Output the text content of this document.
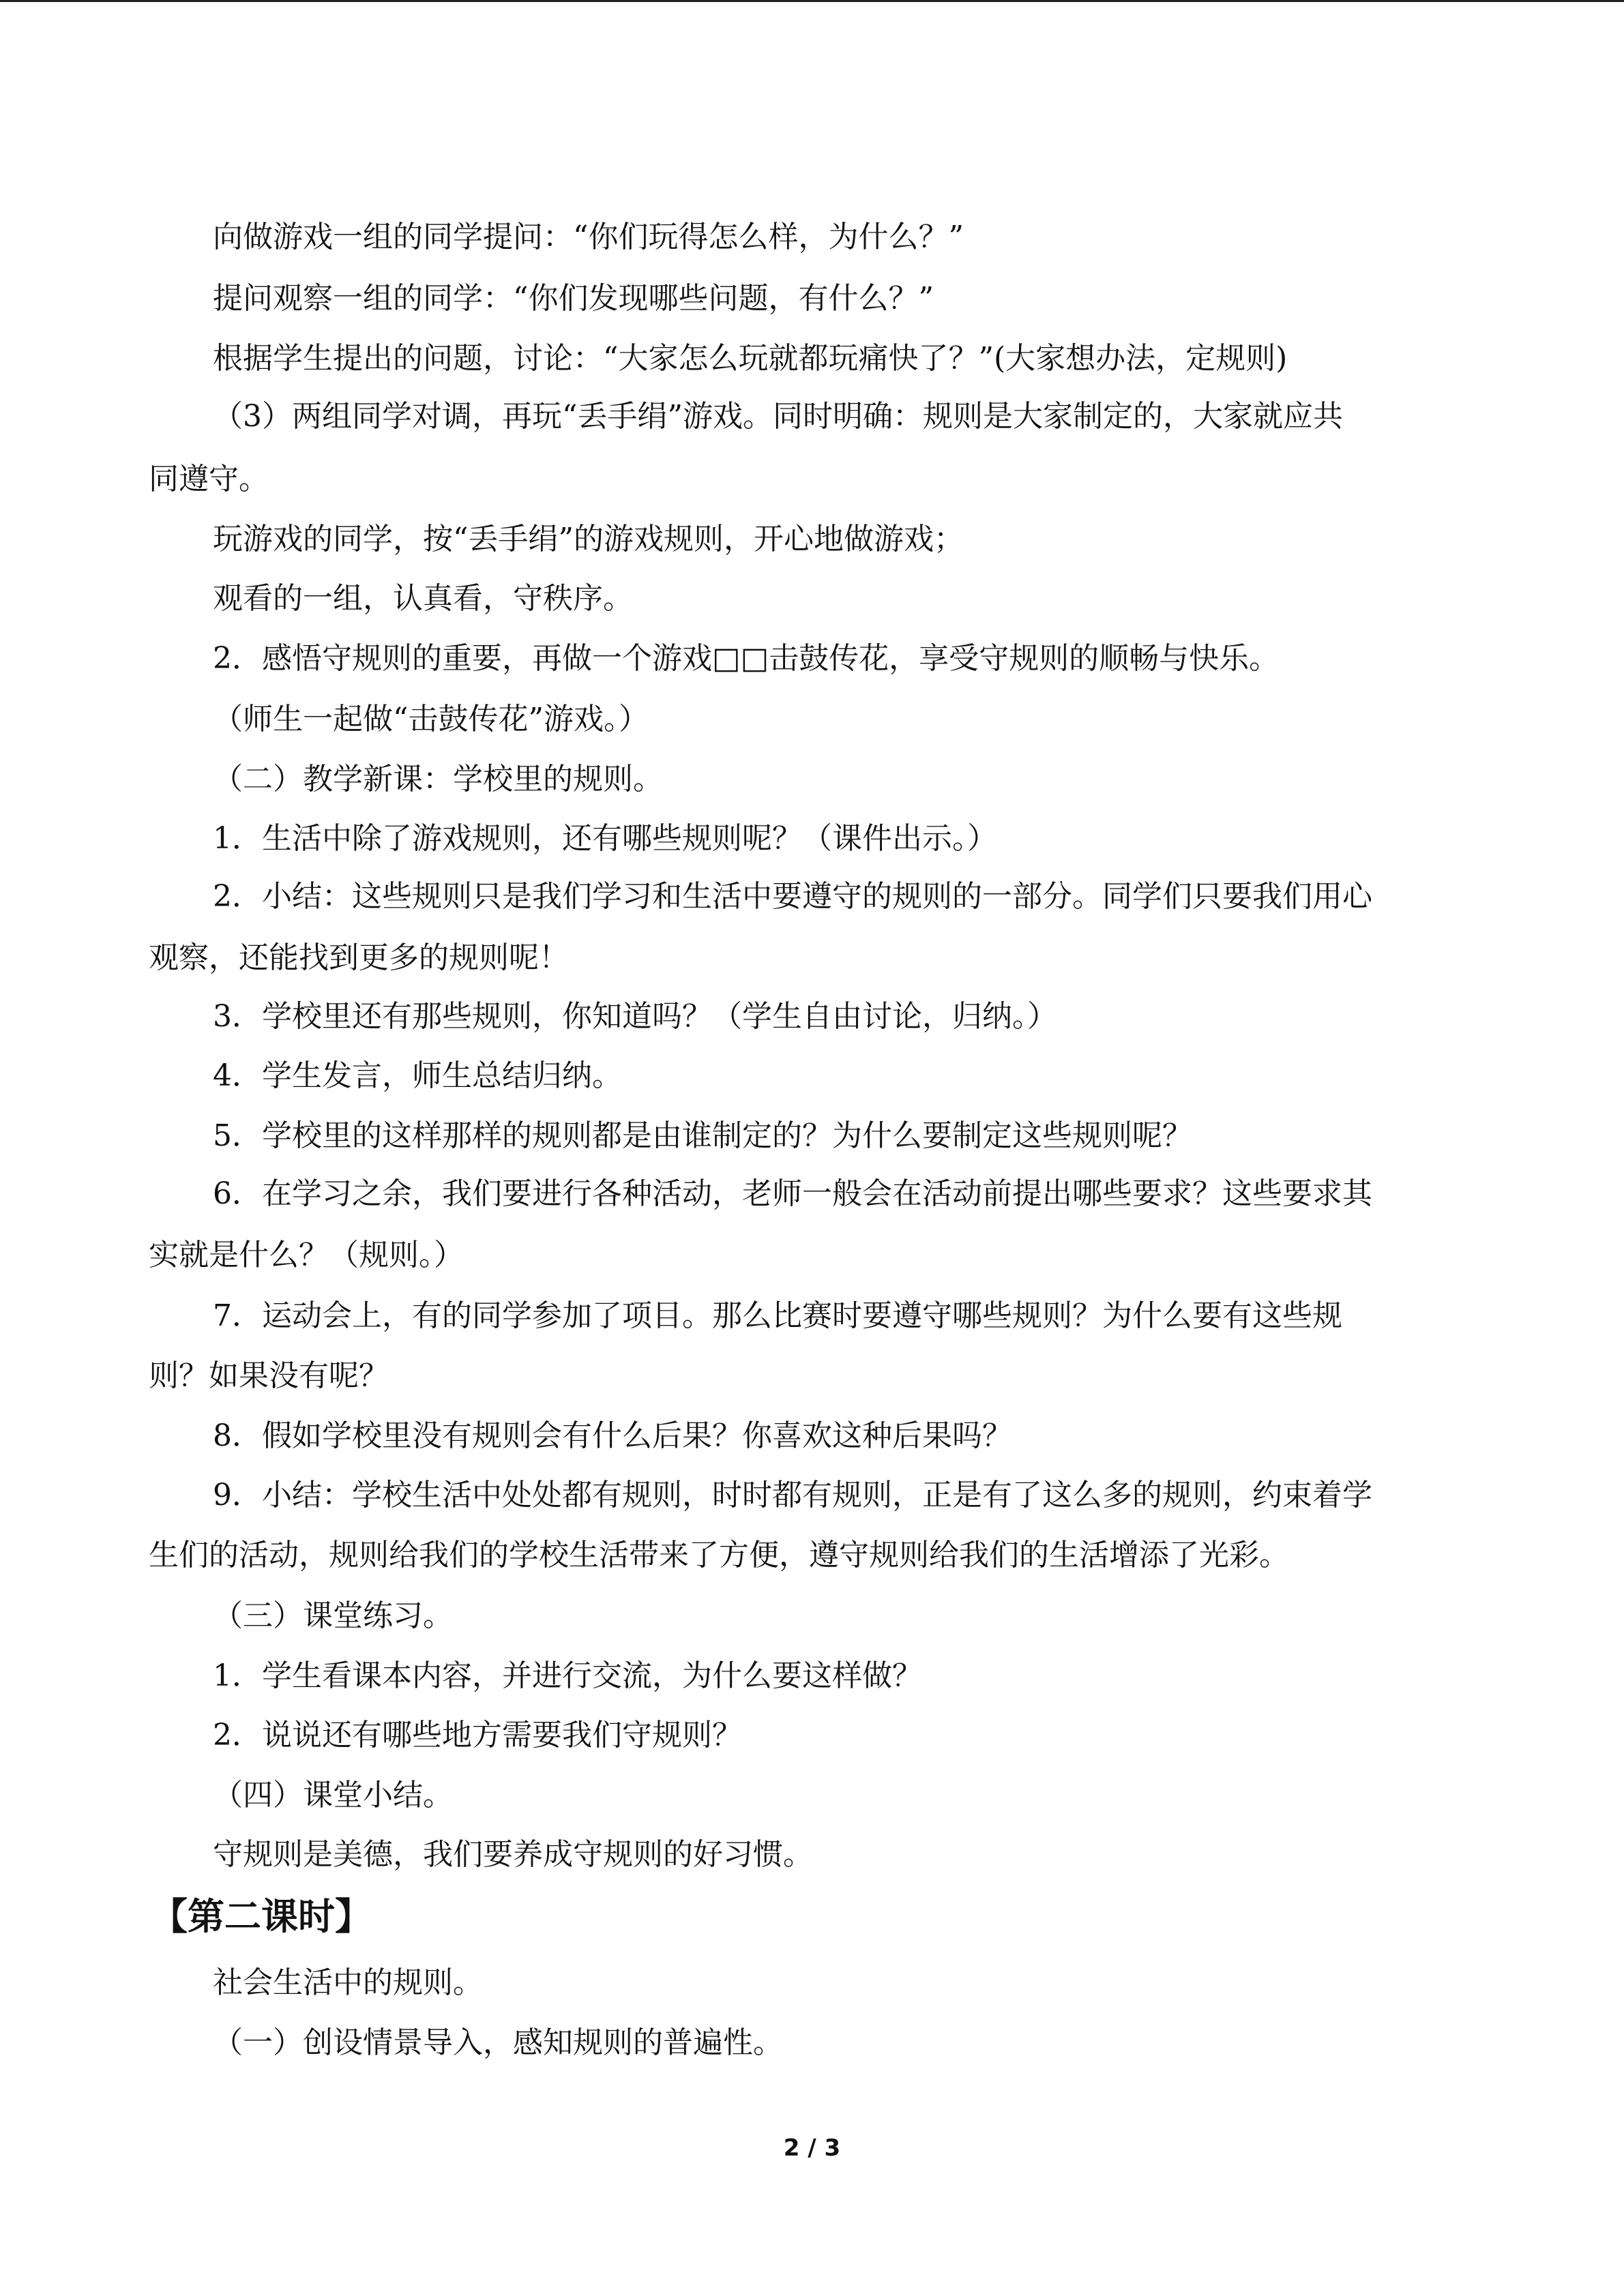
向做游戏一组的同学提问：“你们玩得怎么样，为什么？”
提问观察一组的同学：“你们发现哪些问题，有什么？”
根据学生提出的问题，讨论：“大家怎么玩就都玩痛快了？”(大家想办法，定规则)
（3）两组同学对调，再玩“丢手绢”游戏。同时明确：规则是大家制定的，大家就应共
同遵守。
玩游戏的同学，按“丢手绢”的游戏规则，开心地做游戏；
观看的一组，认真看，守秩序。
2．感悟守规则的重要，再做一个游戏□□击鼓传花，享受守规则的顺畅与快乐。
（师生一起做“击鼓传花”游戏。）
（二）教学新课：学校里的规则。
1．生活中除了游戏规则，还有哪些规则呢？（课件出示。）
2．小结：这些规则只是我们学习和生活中要遵守的规则的一部分。同学们只要我们用心
观察，还能找到更多的规则呢！
3．学校里还有那些规则，你知道吗？（学生自由讨论，归纳。）
4．学生发言，师生总结归纳。
5．学校里的这样那样的规则都是由谁制定的？为什么要制定这些规则呢？
6．在学习之余，我们要进行各种活动，老师一般会在活动前提出哪些要求？这些要求其
实就是什么？（规则。）
7．运动会上，有的同学参加了项目。那么比赛时要遵守哪些规则？为什么要有这些规
则？如果没有呢？
8．假如学校里没有规则会有什么后果？你喜欢这种后果吗？
9．小结：学校生活中处处都有规则，时时都有规则，正是有了这么多的规则，约束着学
生们的活动，规则给我们的学校生活带来了方便，遵守规则给我们的生活增添了光彩。
（三）课堂练习。
1．学生看课本内容，并进行交流，为什么要这样做？
2．说说还有哪些地方需要我们守规则？
（四）课堂小结。
守规则是美德，我们要养成守规则的好习惯。
【第二课时】
社会生活中的规则。
（一）创设情景导入，感知规则的普遍性。
2 / 3
